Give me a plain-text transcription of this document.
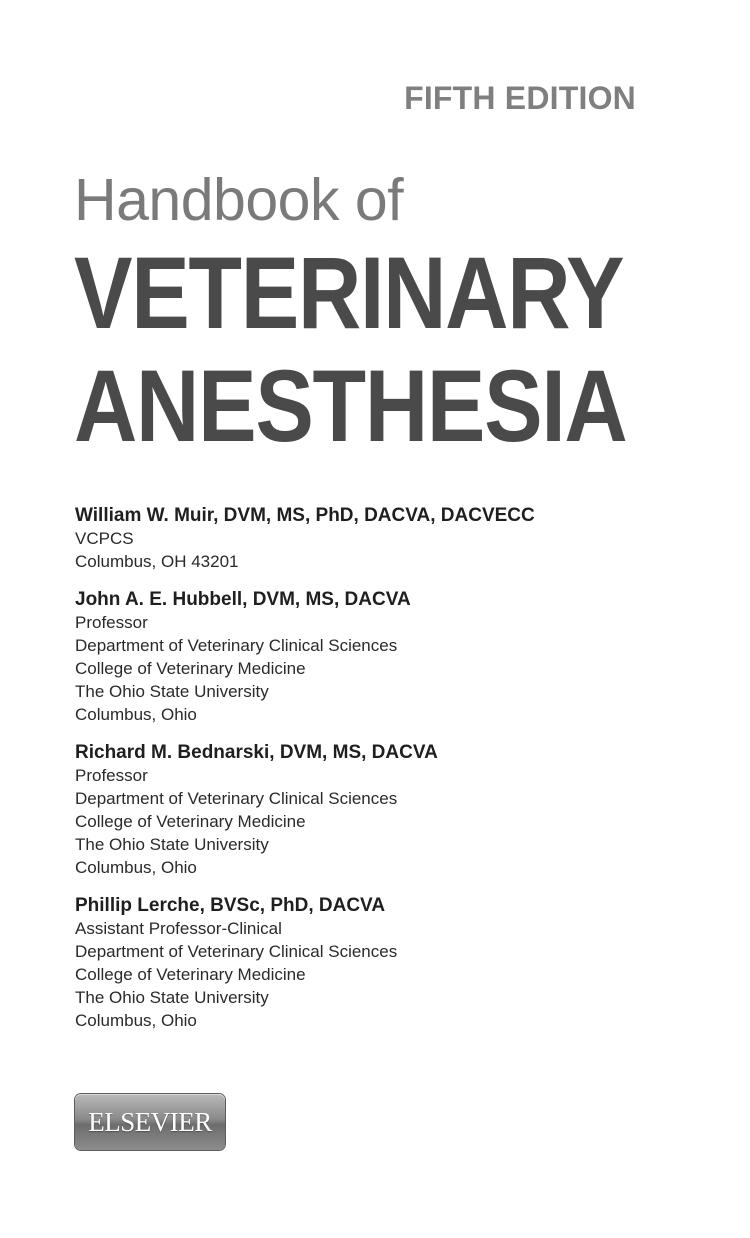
FIFTH EDITION
Handbook of
VETERINARY
ANESTHESIA
William W. Muir, DVM, MS, PhD, DACVA, DACVECC
VCPCS
Columbus, OH 43201
John A. E. Hubbell, DVM, MS, DACVA
Professor
Department of Veterinary Clinical Sciences
College of Veterinary Medicine
The Ohio State University
Columbus, Ohio
Richard M. Bednarski, DVM, MS, DACVA
Professor
Department of Veterinary Clinical Sciences
College of Veterinary Medicine
The Ohio State University
Columbus, Ohio
Phillip Lerche, BVSc, PhD, DACVA
Assistant Professor-Clinical
Department of Veterinary Clinical Sciences
College of Veterinary Medicine
The Ohio State University
Columbus, Ohio
ELSEVIER
